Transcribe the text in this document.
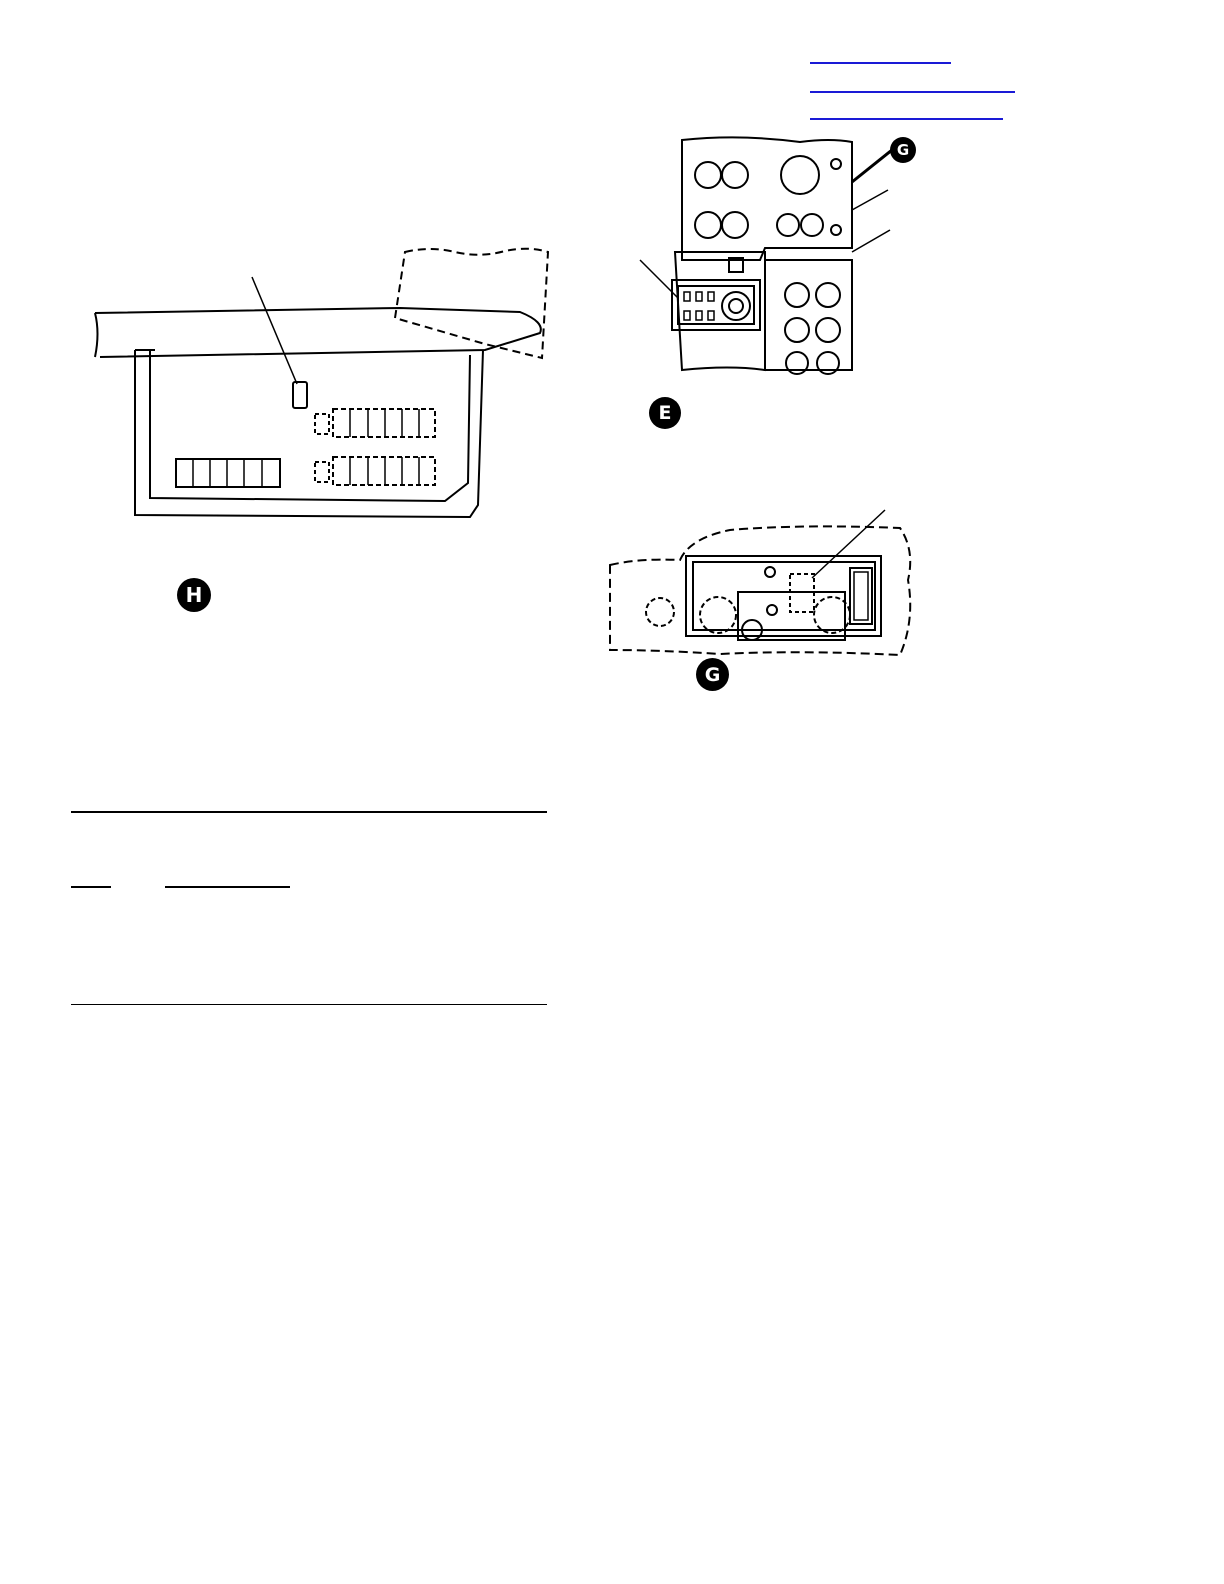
H
G
E
G
